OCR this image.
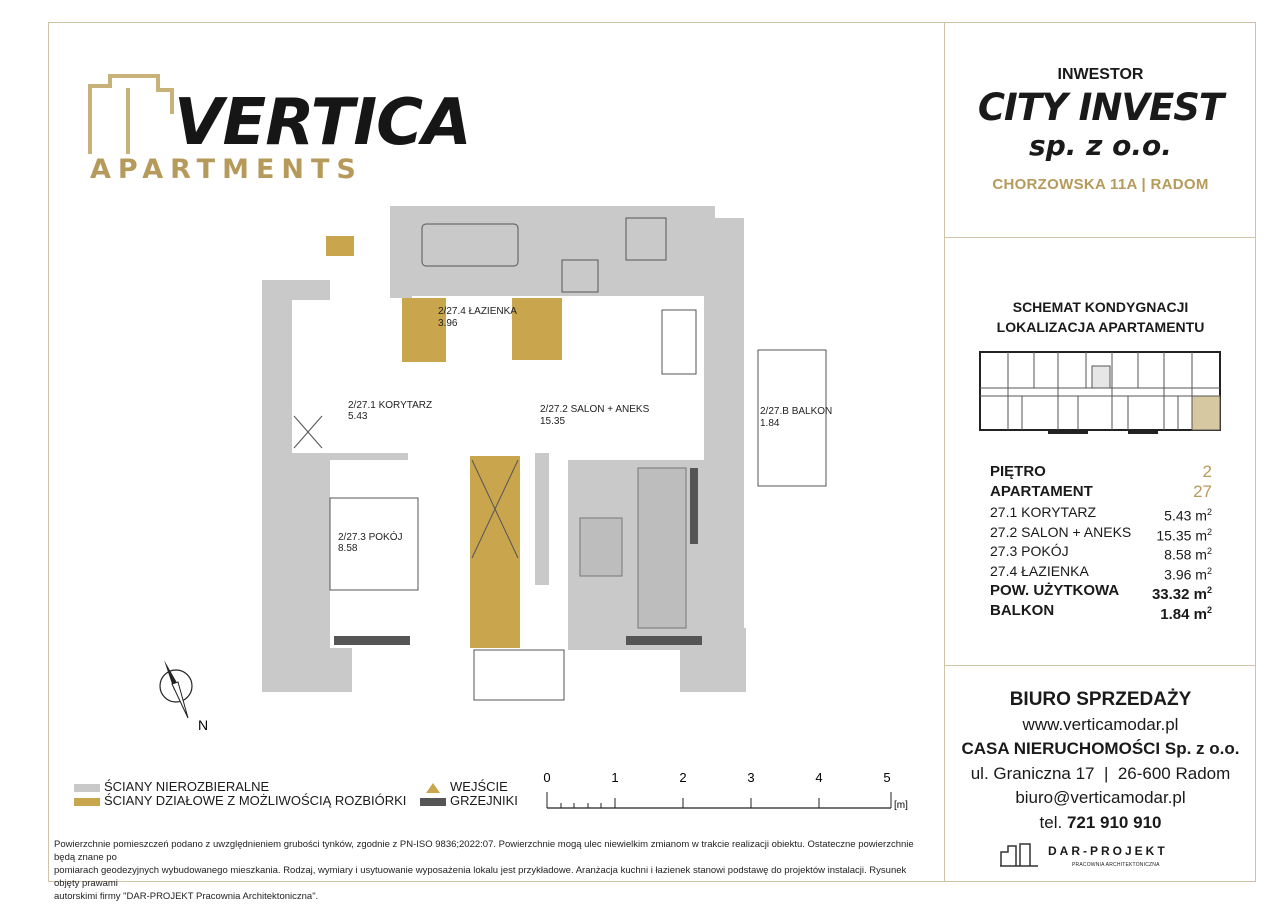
VERTICA
APARTMENTS
INWESTOR
CITY INVEST
sp. z o.o.
CHORZOWSKA 11A | RADOM
SCHEMAT KONDYGNACJI
LOKALIZACJA APARTAMENTU
PIĘTRO	2
APARTAMENT	27
27.1 KORYTARZ	5.43 $m^2$
27.2 SALON + ANEKS 15.35 $m^2$
27.3 POKÓJ	8.58 $m^2$
27.4 ŁAZIENKA	3.96 $m^2$
POW. UŻYTKOWA 33.32 $m^2$
BALKON	1.84 $m^2$
BIURO SPRZEDAŻY
www.verticamodar.pl
CASA NIERUCHOMOŚCI Sp. z o.o.
ul. Graniczna 17  |  26-600 Radom
biuro@verticamodar.pl
tel. 721 910 910
DAR-PROJEKT
PRACOWNIA ARCHITEKTONICZNA
2/27.4 ŁAZIENKA
3.96
2/27.1 KORYTARZ
5.43
2/27.2 SALON + ANEKS
15.35
2/27.B BALKON
1.84
2/27.3 POKÓJ
8.58
N
ŚCIANY NIEROZBIERALNE
ŚCIANY DZIAŁOWE Z MOŻLIWOŚCIĄ ROZBIÓRKI
WEJŚCIE
GRZEJNIKI
0	1	2	3	4	5
[m]
Powierzchnie pomieszczeń podano z uwzględnieniem grubości tynków, zgodnie z PN-ISO 9836;2022:07. Powierzchnie mogą ulec niewielkim zmianom w trakcie realizacji obiektu. Ostateczne powierzchnie będą znane po
pomiarach geodezyjnych wybudowanego mieszkania. Rodzaj, wymiary i usytuowanie wyposażenia lokalu jest przykładowe. Aranżacja kuchni i łazienek stanowi podstawę do projektów instalacji. Rysunek objęty prawami
autorskimi firmy "DAR-PROJEKT Pracownia Architektoniczna".
